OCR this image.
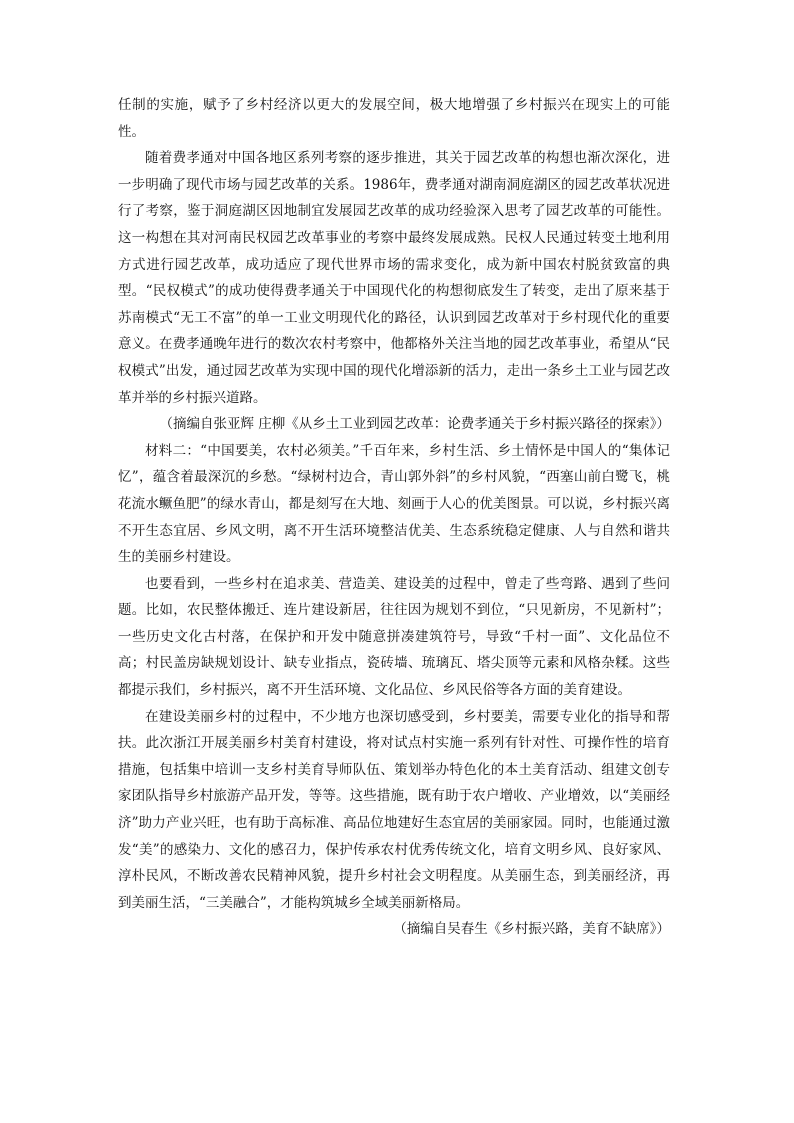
任制的实施，赋予了乡村经济以更大的发展空间，极大地增强了乡村振兴在现实上的可能性。

随着费孝通对中国各地区系列考察的逐步推进，其关于园艺改革的构想也渐次深化，进一步明确了现代市场与园艺改革的关系。1986年，费孝通对湖南洞庭湖区的园艺改革状况进行了考察，鉴于洞庭湖区因地制宜发展园艺改革的成功经验深入思考了园艺改革的可能性。这一构想在其对河南民权园艺改革事业的考察中最终发展成熟。民权人民通过转变土地利用方式进行园艺改革，成功适应了现代世界市场的需求变化，成为新中国农村脱贫致富的典型。“民权模式”的成功使得费孝通关于中国现代化的构想彻底发生了转变，走出了原来基于苏南模式“无工不富”的单一工业文明现代化的路径，认识到园艺改革对于乡村现代化的重要意义。在费孝通晚年进行的数次农村考察中，他都格外关注当地的园艺改革事业，希望从“民权模式”出发，通过园艺改革为实现中国的现代化增添新的活力，走出一条乡土工业与园艺改革并举的乡村振兴道路。

（摘编自张亚辉 庄柳《从乡土工业到园艺改革：论费孝通关于乡村振兴路径的探索》）

材料二：“中国要美，农村必须美。”千百年来，乡村生活、乡土情怀是中国人的“集体记忆”，蕴含着最深沉的乡愁。“绿树村边合，青山郭外斜”的乡村风貌，“西塞山前白鹭飞，桃花流水鳜鱼肥”的绿水青山，都是刻写在大地、刻画于人心的优美图景。可以说，乡村振兴离不开生态宜居、乡风文明，离不开生活环境整洁优美、生态系统稳定健康、人与自然和谐共生的美丽乡村建设。

也要看到，一些乡村在追求美、营造美、建设美的过程中，曾走了些弯路、遇到了些问题。比如，农民整体搬迁、连片建设新居，往往因为规划不到位，“只见新房，不见新村”；一些历史文化古村落，在保护和开发中随意拼凑建筑符号，导致“千村一面”、文化品位不高；村民盖房缺规划设计、缺专业指点，瓷砖墙、琉璃瓦、塔尖顶等元素和风格杂糅。这些都提示我们，乡村振兴，离不开生活环境、文化品位、乡风民俗等各方面的美育建设。

在建设美丽乡村的过程中，不少地方也深切感受到，乡村要美，需要专业化的指导和帮扶。此次浙江开展美丽乡村美育村建设，将对试点村实施一系列有针对性、可操作性的培育措施，包括集中培训一支乡村美育导师队伍、策划举办特色化的本土美育活动、组建文创专家团队指导乡村旅游产品开发，等等。这些措施，既有助于农户增收、产业增效，以“美丽经济”助力产业兴旺，也有助于高标准、高品位地建好生态宜居的美丽家园。同时，也能通过激发“美”的感染力、文化的感召力，保护传承农村优秀传统文化，培育文明乡风、良好家风、淳朴民风，不断改善农民精神风貌，提升乡村社会文明程度。从美丽生态，到美丽经济，再到美丽生活，“三美融合”，才能构筑城乡全域美丽新格局。

（摘编自吴春生《乡村振兴路，美育不缺席》）
